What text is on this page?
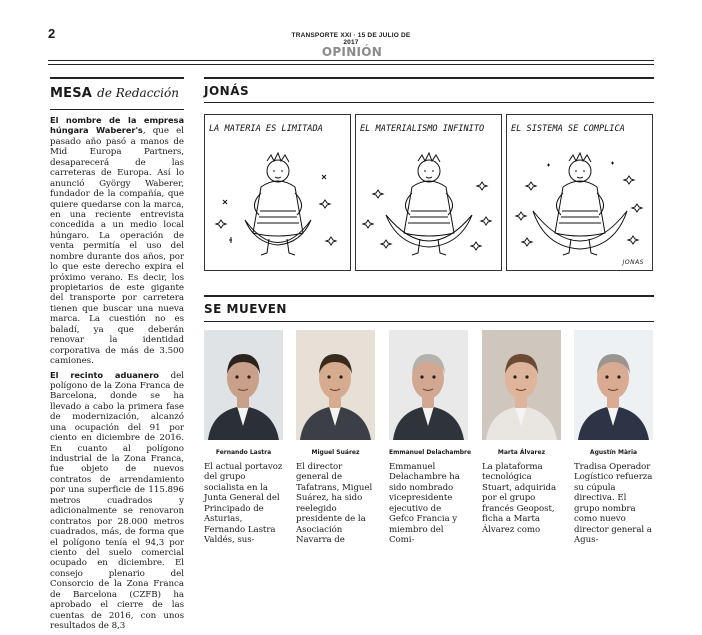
2	TRANSPORTE XXI · 15 DE JULIO DE 2017
OPINIÓN
MESA de Redacción

El nombre de la empresa húngara Waberer's, que el pasado año pasó a manos de Mid Europa Partners, desaparecerá de las carreteras de Europa. Así lo anunció György Waberer, fundador de la compañía, que quiere quedarse con la marca, en una reciente entrevista concedida a un medio local húngaro. La operación de venta permitía el uso del nombre durante dos años, por lo que este derecho expira el próximo verano. Es decir, los propietarios de este gigante del transporte por carretera tienen que buscar una nueva marca. La cuestión no es baladí, ya que deberán renovar la identidad corporativa de más de 3.500 camiones.

El recinto aduanero del polígono de la Zona Franca de Barcelona, donde se ha llevado a cabo la primera fase de modernización, alcanzó una ocupación del 91 por ciento en diciembre de 2016. En cuanto al polígono industrial de la Zona Franca, fue objeto de nuevos contratos de arrendamiento por una superficie de 115.896 metros cuadrados y adicionalmente se renovaron contratos por 28.000 metros cuadrados, más, de forma que el polígono tenía el 94,3 por ciento del suelo comercial ocupado en diciembre. El consejo plenario del Consorcio de la Zona Franca de Barcelona (CZFB) ha aprobado el cierre de las cuentas de 2016, con unos resultados de 8,3

JONÁS
LA MATERIA ES LIMITADA	EL MATERIALISMO INFINITO	EL SISTEMA SE COMPLICA
JONAS
SE MUEVEN
Fernando Lastra
El actual portavoz del grupo socialista en la Junta General del Principado de Asturias, Fernando Lastra Valdés, sus-
Miguel Suárez
El director general de Tafatrans, Miguel Suárez, ha sido reelegido presidente de la Asociación Navarra de
Emmanuel Delachambre
Emmanuel Delachambre ha sido nombrado vicepresidente ejecutivo de Gefco Francia y miembro del Comi-
Marta Álvarez
La plataforma tecnológica Stuart, adquirida por el grupo francés Geopost, ficha a Marta Álvarez como
Agustín Mària
Tradisa Operador Logístico refuerza su cúpula directiva. El grupo nombra como nuevo director general a Agus-
